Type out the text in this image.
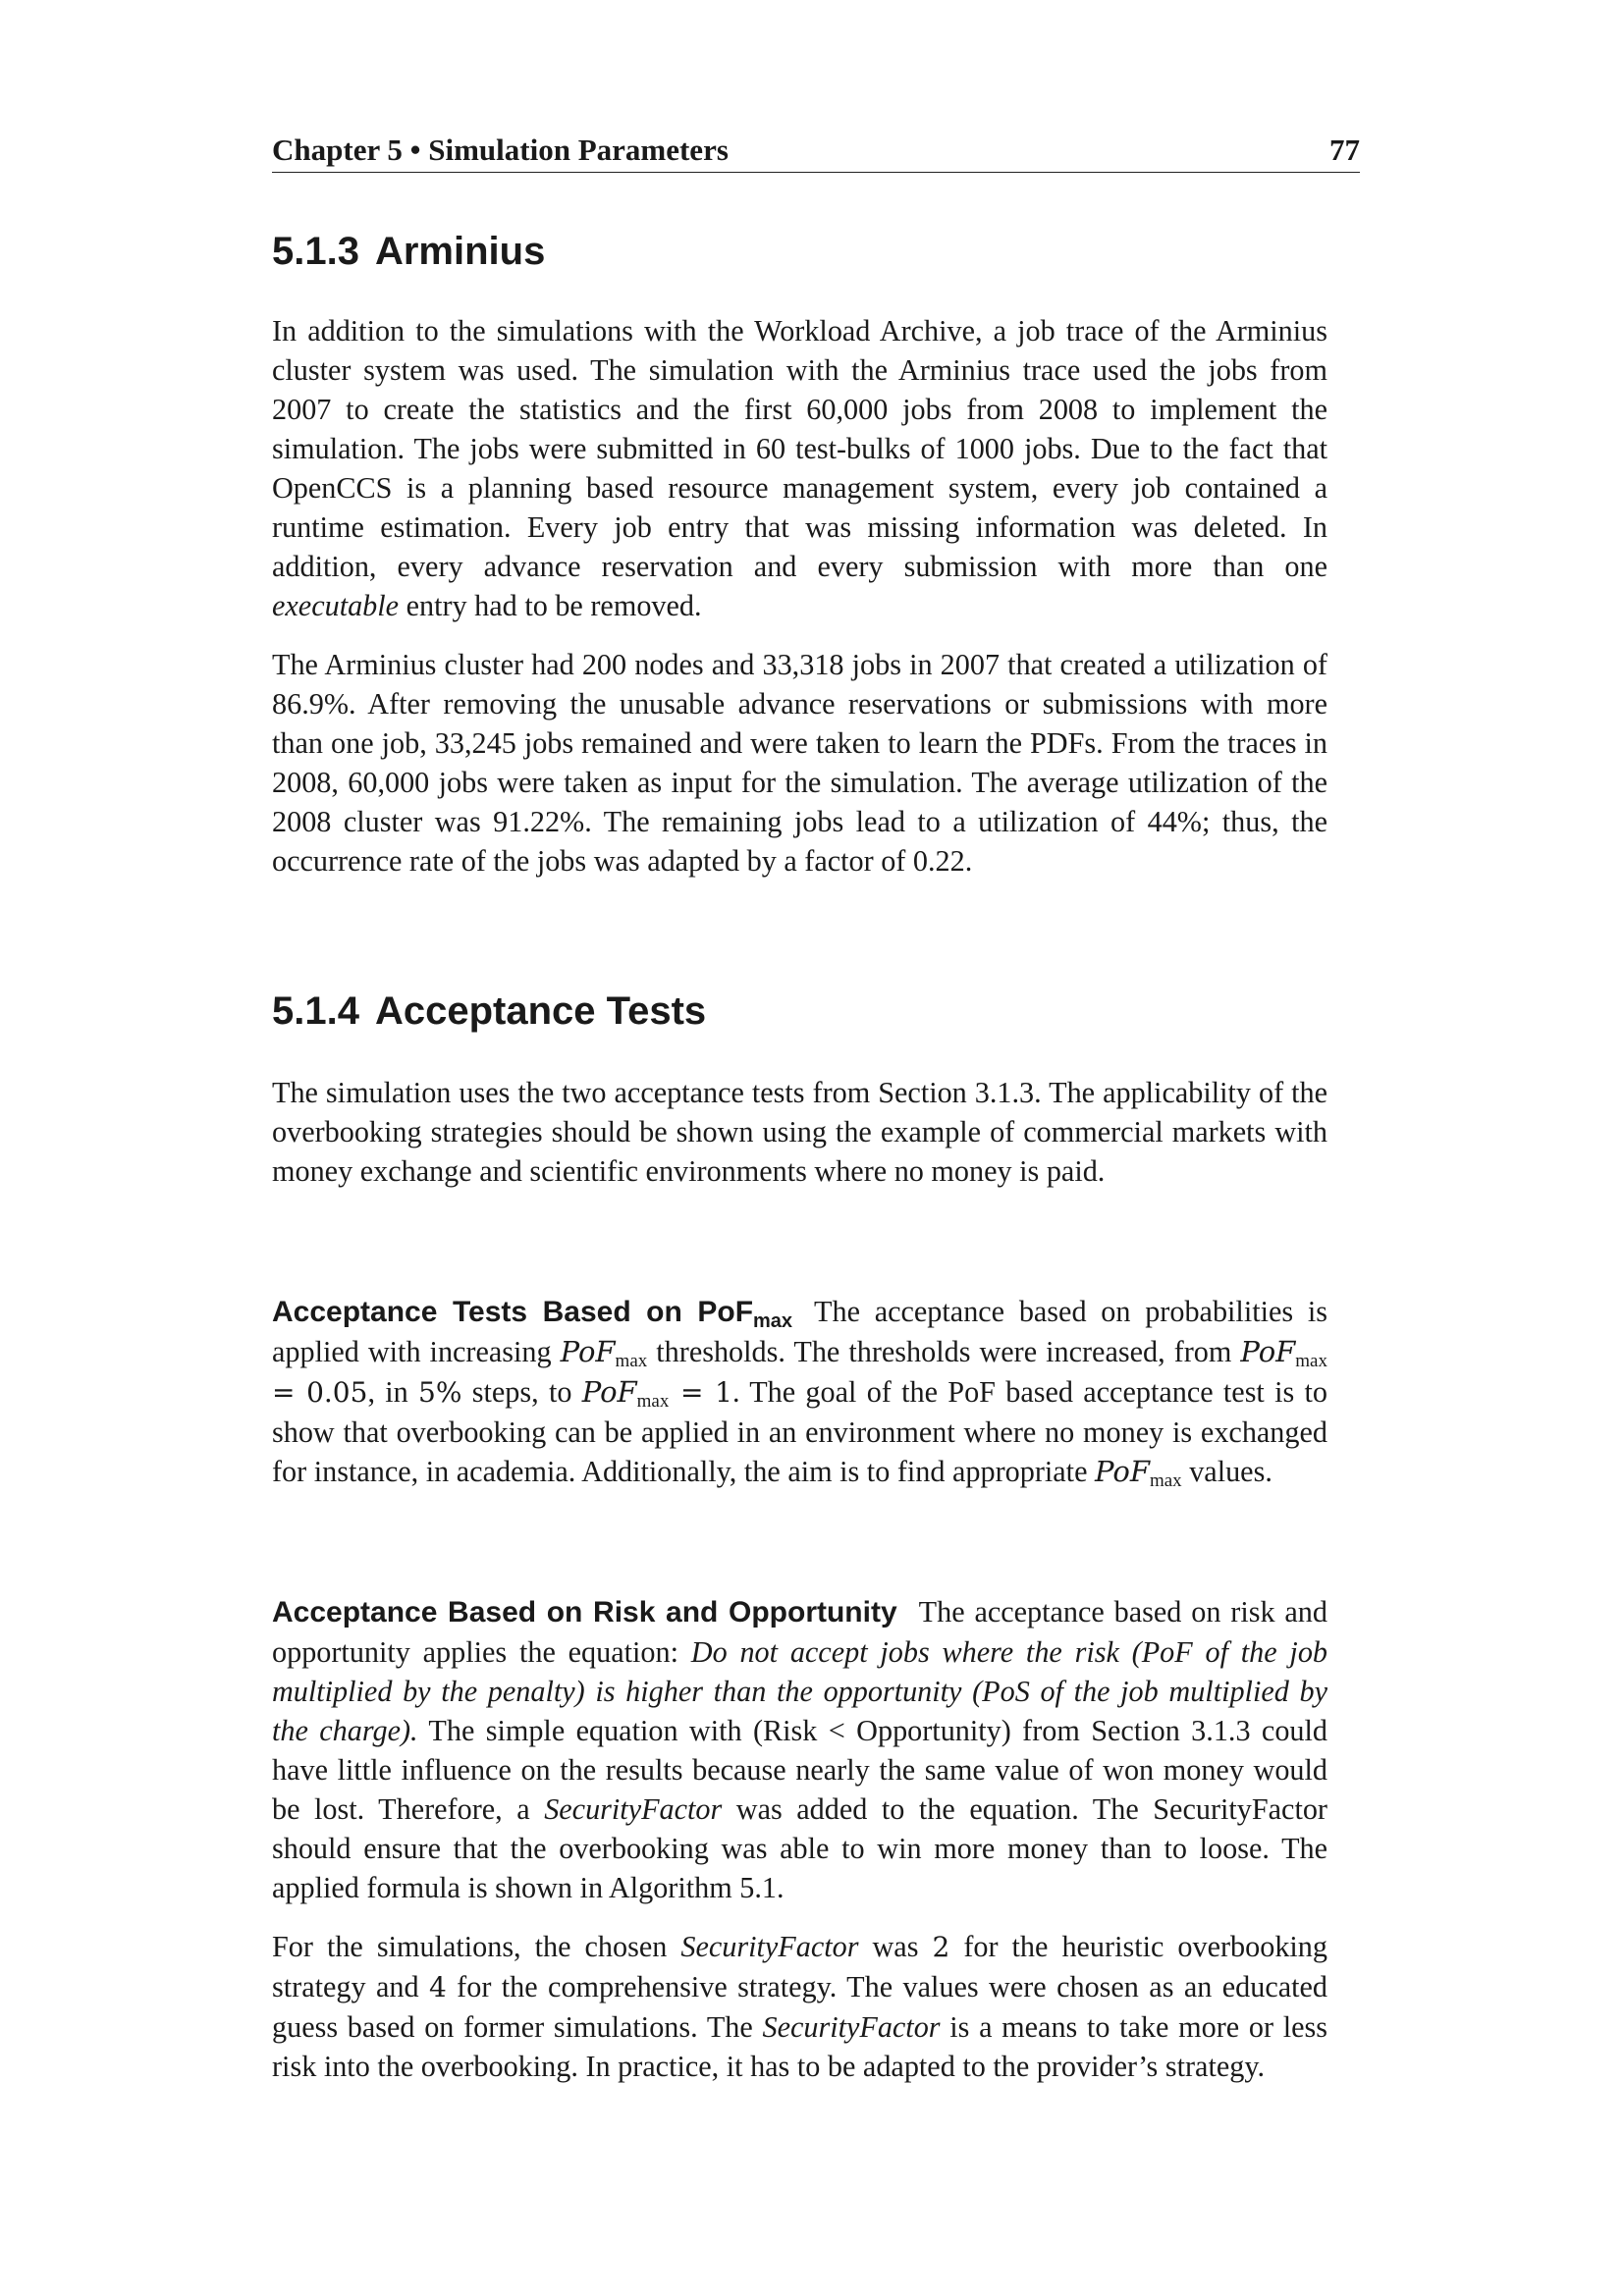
Chapter 5 • Simulation Parameters	77
5.1.3 Arminius

In addition to the simulations with the Workload Archive, a job trace of the Arminius cluster system was used. The simulation with the Arminius trace used the jobs from 2007 to create the statistics and the first 60,000 jobs from 2008 to implement the simulation. The jobs were submitted in 60 test-bulks of 1000 jobs. Due to the fact that OpenCCS is a planning based resource management system, every job contained a runtime estimation. Every job entry that was missing information was deleted. In addition, every advance reservation and every submission with more than one executable entry had to be removed.

The Arminius cluster had 200 nodes and 33,318 jobs in 2007 that created a utilization of 86.9%. After removing the unusable advance reservations or submissions with more than one job, 33,245 jobs remained and were taken to learn the PDFs. From the traces in 2008, 60,000 jobs were taken as input for the simulation. The average utilization of the 2008 cluster was 91.22%. The remaining jobs lead to a utilization of 44%; thus, the occurrence rate of the jobs was adapted by a factor of 0.22.

5.1.4 Acceptance Tests

The simulation uses the two acceptance tests from Section 3.1.3. The applicability of the overbooking strategies should be shown using the example of commercial markets with money exchange and scientific environments where no money is paid.

Acceptance Tests Based on PoF$_{max}$ The acceptance based on probabilities is applied with increasing PoF$_{max}$ thresholds. The thresholds were increased, from PoF$_{max}$ = 0.05, in 5% steps, to PoF$_{max}$ = 1. The goal of the PoF based acceptance test is to show that overbooking can be applied in an environment where no money is exchanged for instance, in academia. Additionally, the aim is to find appropriate PoF$_{max}$ values.

Acceptance Based on Risk and Opportunity The acceptance based on risk and opportunity applies the equation: Do not accept jobs where the risk (PoF of the job multiplied by the penalty) is higher than the opportunity (PoS of the job multiplied by the charge). The simple equation with (Risk < Opportunity) from Section 3.1.3 could have little influence on the results because nearly the same value of won money would be lost. Therefore, a SecurityFactor was added to the equation. The SecurityFactor should ensure that the overbooking was able to win more money than to loose. The applied formula is shown in Algorithm 5.1.

For the simulations, the chosen SecurityFactor was 2 for the heuristic overbooking strategy and 4 for the comprehensive strategy. The values were chosen as an educated guess based on former simulations. The SecurityFactor is a means to take more or less risk into the overbooking. In practice, it has to be adapted to the provider’s strategy.
